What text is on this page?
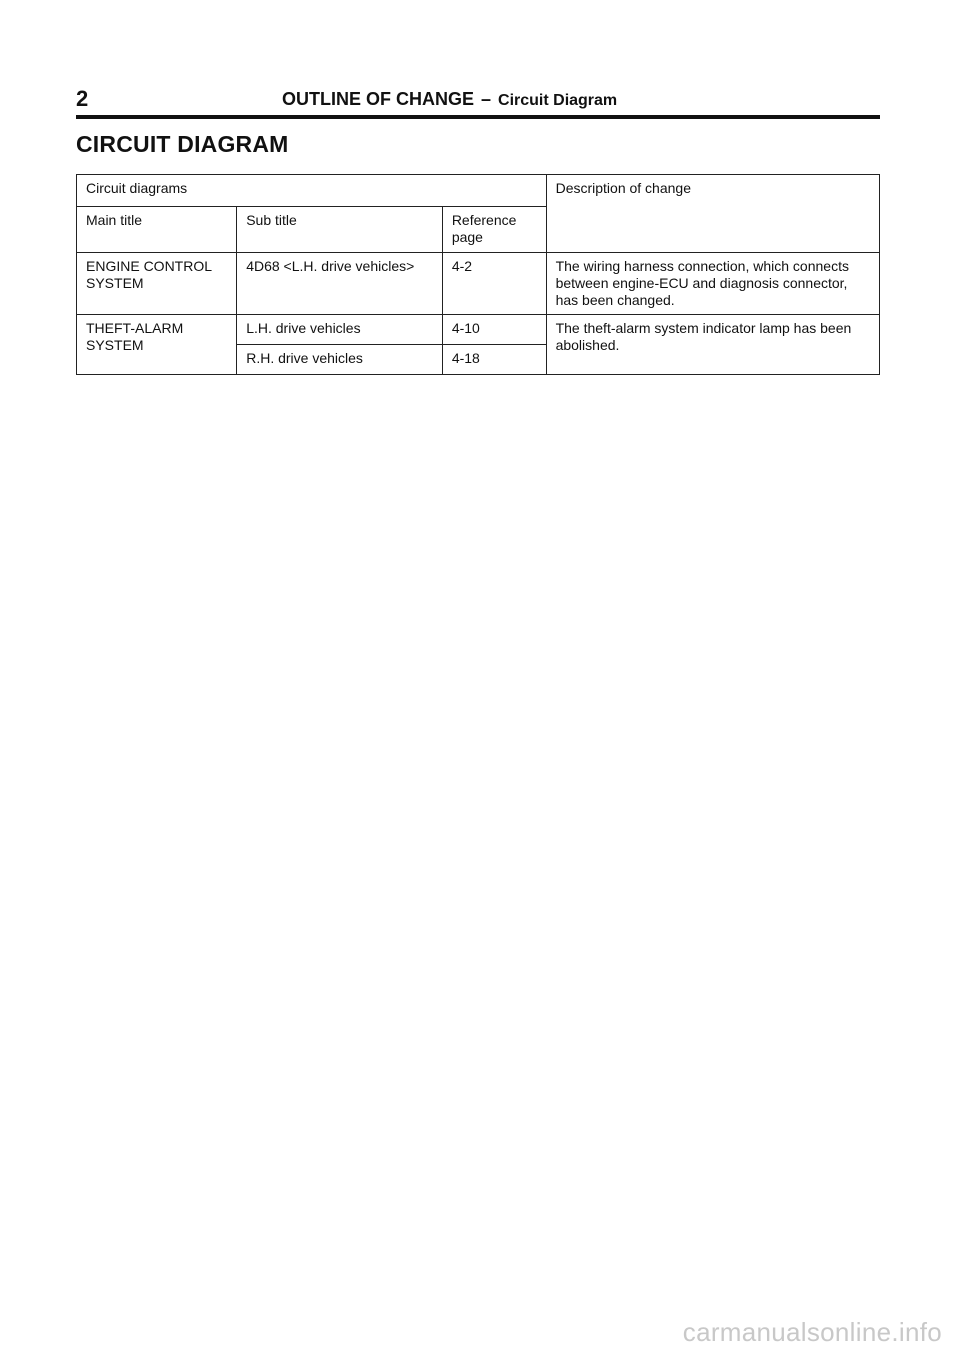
2	OUTLINE OF CHANGE – Circuit Diagram
CIRCUIT DIAGRAM
Circuit diagrams			Description of change
Main title	Sub title	Reference page	
ENGINE CONTROL SYSTEM	4D68 <L.H. drive vehicles>	4-2	The wiring harness connection, which connects between engine-ECU and diagnosis connector, has been changed.
THEFT-ALARM SYSTEM	L.H. drive vehicles	4-10	The theft-alarm system indicator lamp has been abolished.
	R.H. drive vehicles	4-18	
carmanualsonline.info
